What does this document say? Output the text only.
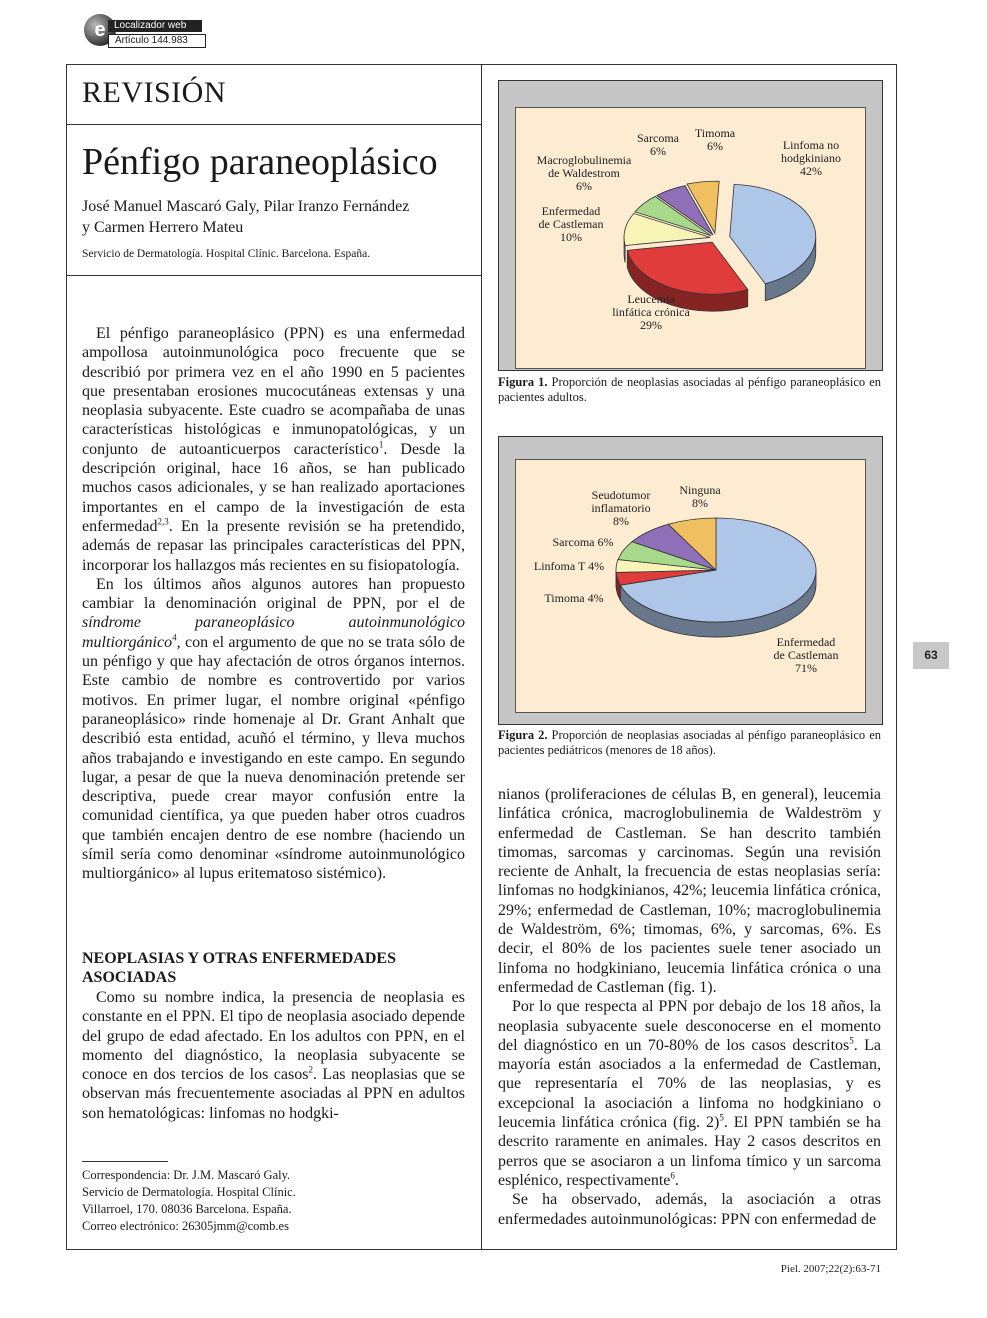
e Localizador web
Artículo 144.983
REVISIÓN
Pénfigo paraneoplásico
José Manuel Mascaró Galy, Pilar Iranzo Fernández
y Carmen Herrero Mateu
Servicio de Dermatología. Hospital Clínic. Barcelona. España.

El pénfigo paraneoplásico (PPN) es una enfermedad ampollosa autoinmunológica poco frecuente que se describió por primera vez en el año 1990 en 5 pacientes que presentaban erosiones mucocutáneas extensas y una neoplasia subyacente. Este cuadro se acompañaba de unas características histológicas e inmunopatológicas, y un conjunto de autoanticuerpos característico$^1$. Desde la descripción original, hace 16 años, se han publicado muchos casos adicionales, y se han realizado aportaciones importantes en el campo de la investigación de esta enfermedad$^{2,3}$. En la presente revisión se ha pretendido, además de repasar las principales características del PPN, incorporar los hallazgos más recientes en su fisiopatología.

En los últimos años algunos autores han propuesto cambiar la denominación original de PPN, por el de síndrome paraneoplásico autoinmunológico multiorgánico$^4$, con el argumento de que no se trata sólo de un pénfigo y que hay afectación de otros órganos internos. Este cambio de nombre es controvertido por varios motivos. En primer lugar, el nombre original «pénfigo paraneoplásico» rinde homenaje al Dr. Grant Anhalt que describió esta entidad, acuñó el término, y lleva muchos años trabajando e investigando en este campo. En segundo lugar, a pesar de que la nueva denominación pretende ser descriptiva, puede crear mayor confusión entre la comunidad científica, ya que pueden haber otros cuadros que también encajen dentro de ese nombre (haciendo un símil sería como denominar «síndrome autoinmunológico multiorgánico» al lupus eritematoso sistémico).

NEOPLASIAS Y OTRAS ENFERMEDADES ASOCIADAS

Como su nombre indica, la presencia de neoplasia es constante en el PPN. El tipo de neoplasia asociado depende del grupo de edad afectado. En los adultos con PPN, en el momento del diagnóstico, la neoplasia subyacente se conoce en dos tercios de los casos$^2$. Las neoplasias que se observan más frecuentemente asociadas al PPN en adultos son hematológicas: linfomas no hodgki-

Correspondencia: Dr. J.M. Mascaró Galy.
Servicio de Dermatología. Hospital Clínic.
Villarroel, 170. 08036 Barcelona. España.
Correo electrónico: 26305jmm@comb.es
Linfoma no hodgkiniano 42%
Leucemia linfática crónica 29%
Enfermedad de Castleman 10%
Macroglobulinemia de Waldestrom 6%
Sarcoma 6%
Timoma 6%
Figura 1. Proporción de neoplasias asociadas al pénfigo paraneoplásico en pacientes adultos.
Enfermedad de Castleman 71%
Timoma 4%
Linfoma T 4%
Sarcoma 6%
Seudotumor inflamatorio 8%
Ninguna 8%
Figura 2. Proporción de neoplasias asociadas al pénfigo paraneoplásico en pacientes pediátricos (menores de 18 años).

nianos (proliferaciones de células B, en general), leucemia linfática crónica, macroglobulinemia de Waldeström y enfermedad de Castleman. Se han descrito también timomas, sarcomas y carcinomas. Según una revisión reciente de Anhalt, la frecuencia de estas neoplasias sería: linfomas no hodgkinianos, 42%; leucemia linfática crónica, 29%; enfermedad de Castleman, 10%; macroglobulinemia de Waldeström, 6%; timomas, 6%, y sarcomas, 6%. Es decir, el 80% de los pacientes suele tener asociado un linfoma no hodgkiniano, leucemia linfática crónica o una enfermedad de Castleman (fig. 1).

Por lo que respecta al PPN por debajo de los 18 años, la neoplasia subyacente suele desconocerse en el momento del diagnóstico en un 70-80% de los casos descritos$^5$. La mayoría están asociados a la enfermedad de Castleman, que representaría el 70% de las neoplasias, y es excepcional la asociación a linfoma no hodgkiniano o leucemia linfática crónica (fig. 2)$^5$. El PPN también se ha descrito raramente en animales. Hay 2 casos descritos en perros que se asociaron a un linfoma tímico y un sarcoma esplénico, respectivamente$^6$.

Se ha observado, además, la asociación a otras enfermedades autoinmunológicas: PPN con enfermedad de

63
Piel. 2007;22(2):63-71
